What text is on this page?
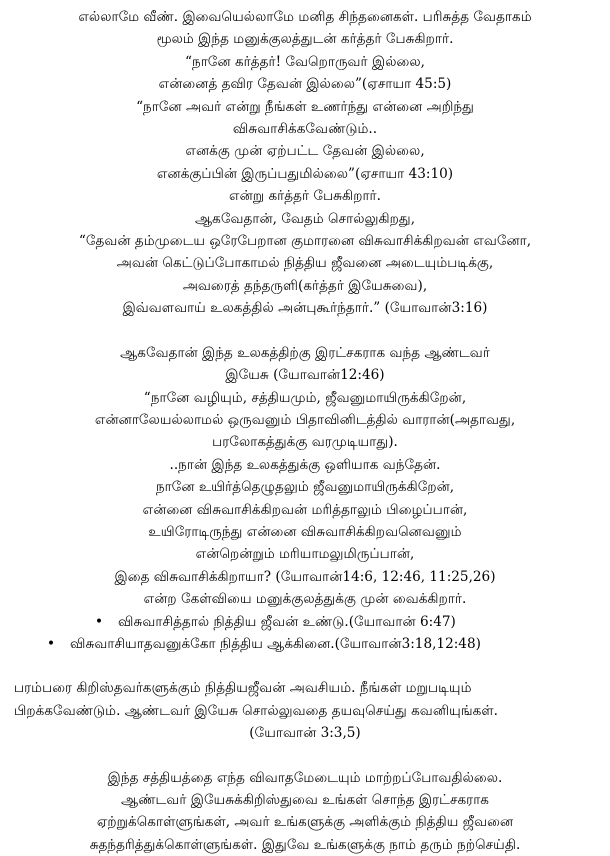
எல்லாமே வீண். இவையெல்லாமே மனித சிந்தனைகள். பரிசுத்த வேதாகம்
மூலம் இந்த மனுக்குலத்துடன் கர்த்தர் பேசுகிறார்.
“நானே கர்த்தர்! வேறொருவர் இல்லை,
என்னைத் தவிர தேவன் இல்லை”(ஏசாயா 45:5)
“நானே அவர் என்று நீங்கள் உணர்ந்து என்னை அறிந்து
விசுவாசிக்கவேண்டும்..
எனக்கு முன் ஏற்பட்ட தேவன் இல்லை,
எனக்குப்பின் இருப்பதுமில்லை”(ஏசாயா 43:10)
என்று கர்த்தர் பேசுகிறார்.
ஆகவேதான், வேதம் சொல்லுகிறது,
“தேவன் தம்முடைய ஒரேபேறான குமாரனை விசுவாசிக்கிறவன் எவனோ,
அவன் கெட்டுப்போகாமல் நித்திய ஜீவனை அடையும்படிக்கு,
அவரைத் தந்தருளி(கர்த்தர் இயேசுவை),
இவ்வளவாய் உலகத்தில் அன்புகூர்ந்தார்.” (யோவான்3:16)
ஆகவேதான் இந்த உலகத்திற்கு இரட்சகராக வந்த ஆண்டவர்
இயேசு (யோவான்12:46)
“நானே வழியும், சத்தியமும், ஜீவனுமாயிருக்கிறேன்,
என்னாலேயல்லாமல் ஒருவனும் பிதாவினிடத்தில் வாரான்(அதாவது,
பரலோகத்துக்கு வரமுடியாது).
..நான் இந்த உலகத்துக்கு ஒளியாக வந்தேன்.
நானே உயிர்த்தெழுதலும் ஜீவனுமாயிருக்கிறேன்,
என்னை விசுவாசிக்கிறவன் மரித்தாலும் பிழைப்பான்,
உயிரோடிருந்து என்னை விசுவாசிக்கிறவனெவனும்
என்றென்றும் மரியாமலுமிருப்பான்,
இதை விசுவாசிக்கிறாயா? (யோவான்14:6, 12:46, 11:25,26)
என்ற கேள்வியை மனுக்குலத்துக்கு முன் வைக்கிறார்.
•	விசுவாசித்தால் நித்திய ஜீவன் உண்டு.(யோவான் 6:47)
•	விசுவாசியாதவனுக்கோ நித்திய ஆக்கினை.(யோவான்3:18,12:48)
பரம்பரை கிறிஸ்தவர்களுக்கும் நித்தியஜீவன் அவசியம். நீங்கள் மறுபடியும்
பிறக்கவேண்டும். ஆண்டவர் இயேசு சொல்லுவதை தயவுசெய்து கவனியுங்கள்.
(யோவான் 3:3,5)
இந்த சத்தியத்தை எந்த விவாதமேடையும் மாற்றப்போவதில்லை.
ஆண்டவர் இயேசுக்கிறிஸ்துவை உங்கள் சொந்த இரட்சகராக
ஏற்றுக்கொள்ளுங்கள், அவர் உங்களுக்கு அளிக்கும் நித்திய ஜீவனை
சுதந்தரித்துக்கொள்ளுங்கள். இதுவே உங்களுக்கு நாம் தரும் நற்செய்தி.
